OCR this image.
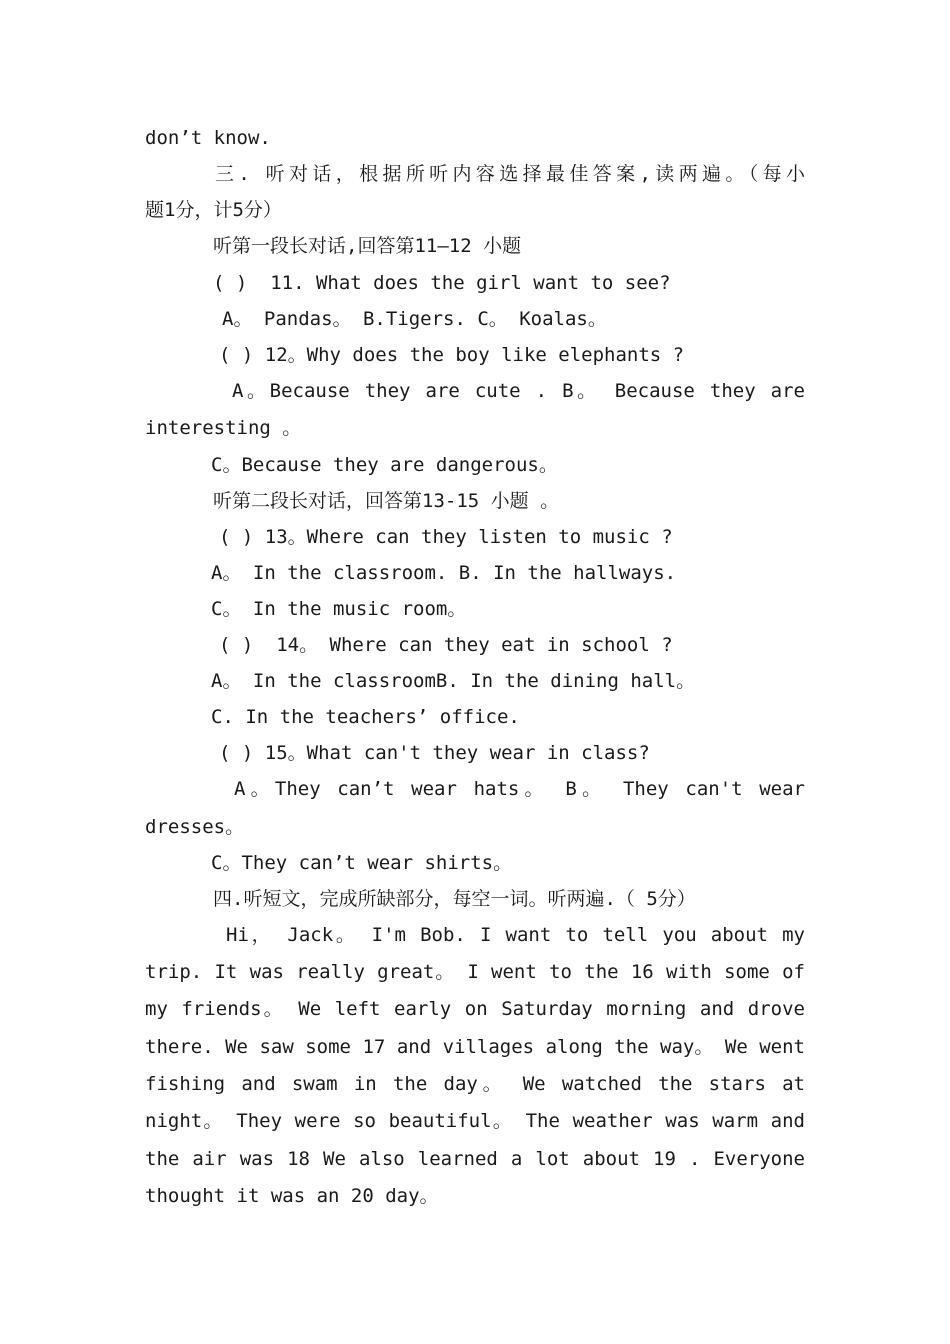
don’t know.
三. 听对话，根据所听内容选择最佳答案,读两遍。（每小
题1分，计5分）
听第一段长对话,回答第11—12 小题
( )  11. What does the girl want to see?
A。 Pandas。 B.Tigers. C。 Koalas。
( ) 12。Why does the boy like elephants ?
A。Because they are cute . B。 Because they are
interesting 。
C。Because they are dangerous。
听第二段长对话，回答第13-15 小题 。
( ) 13。Where can they listen to music ?
A。 In the classroom. B. In the hallways.
C。 In the music room。
( )  14。 Where can they eat in school ?
A。 In the classroomB. In the dining hall。
C. In the teachers’ office.
( ) 15。What can't they wear in class?
A。They can’t wear hats。 B。 They can't wear
dresses。
C。They can’t wear shirts。
四.听短文，完成所缺部分，每空一词。听两遍.（ 5分）
Hi， Jack。 I'm Bob. I want to tell you about my
trip. It was really great。 I went to the 16 with some of
my friends。 We left early on Saturday morning and drove
there. We saw some 17 and villages along the way。 We went
fishing and swam in the day。 We watched the stars at
night。 They were so beautiful。 The weather was warm and
the air was 18 We also learned a lot about 19 . Everyone
thought it was an 20 day。
